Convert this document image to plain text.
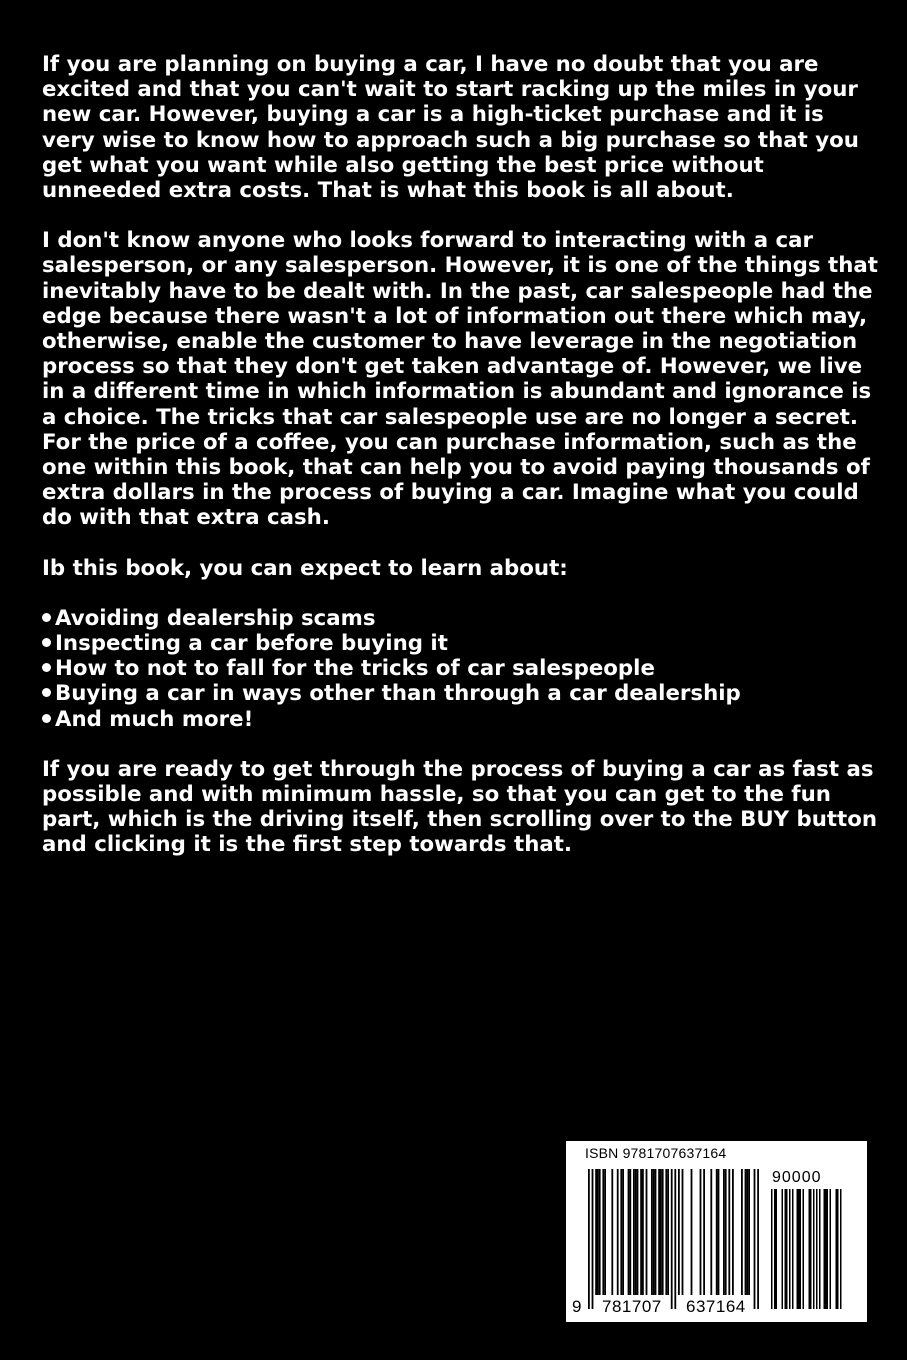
If you are planning on buying a car, I have no doubt that you are excited and that you can't wait to start racking up the miles in your new car. However, buying a car is a high-ticket purchase and it is very wise to know how to approach such a big purchase so that you get what you want while also getting the best price without unneeded extra costs. That is what this book is all about.

I don't know anyone who looks forward to interacting with a car salesperson, or any salesperson. However, it is one of the things that inevitably have to be dealt with. In the past, car salespeople had the edge because there wasn't a lot of information out there which may, otherwise, enable the customer to have leverage in the negotiation process so that they don't get taken advantage of. However, we live in a different time in which information is abundant and ignorance is a choice. The tricks that car salespeople use are no longer a secret. For the price of a coffee, you can purchase information, such as the one within this book, that can help you to avoid paying thousands of extra dollars in the process of buying a car. Imagine what you could do with that extra cash.

Ib this book, you can expect to learn about:

Avoiding dealership scams
Inspecting a car before buying it
How to not to fall for the tricks of car salespeople
Buying a car in ways other than through a car dealership
And much more!

If you are ready to get through the process of buying a car as fast as possible and with minimum hassle, so that you can get to the fun part, which is the driving itself, then scrolling over to the BUY button and clicking it is the first step towards that.

ISBN 9781707637164
90000
9 781707 637164
